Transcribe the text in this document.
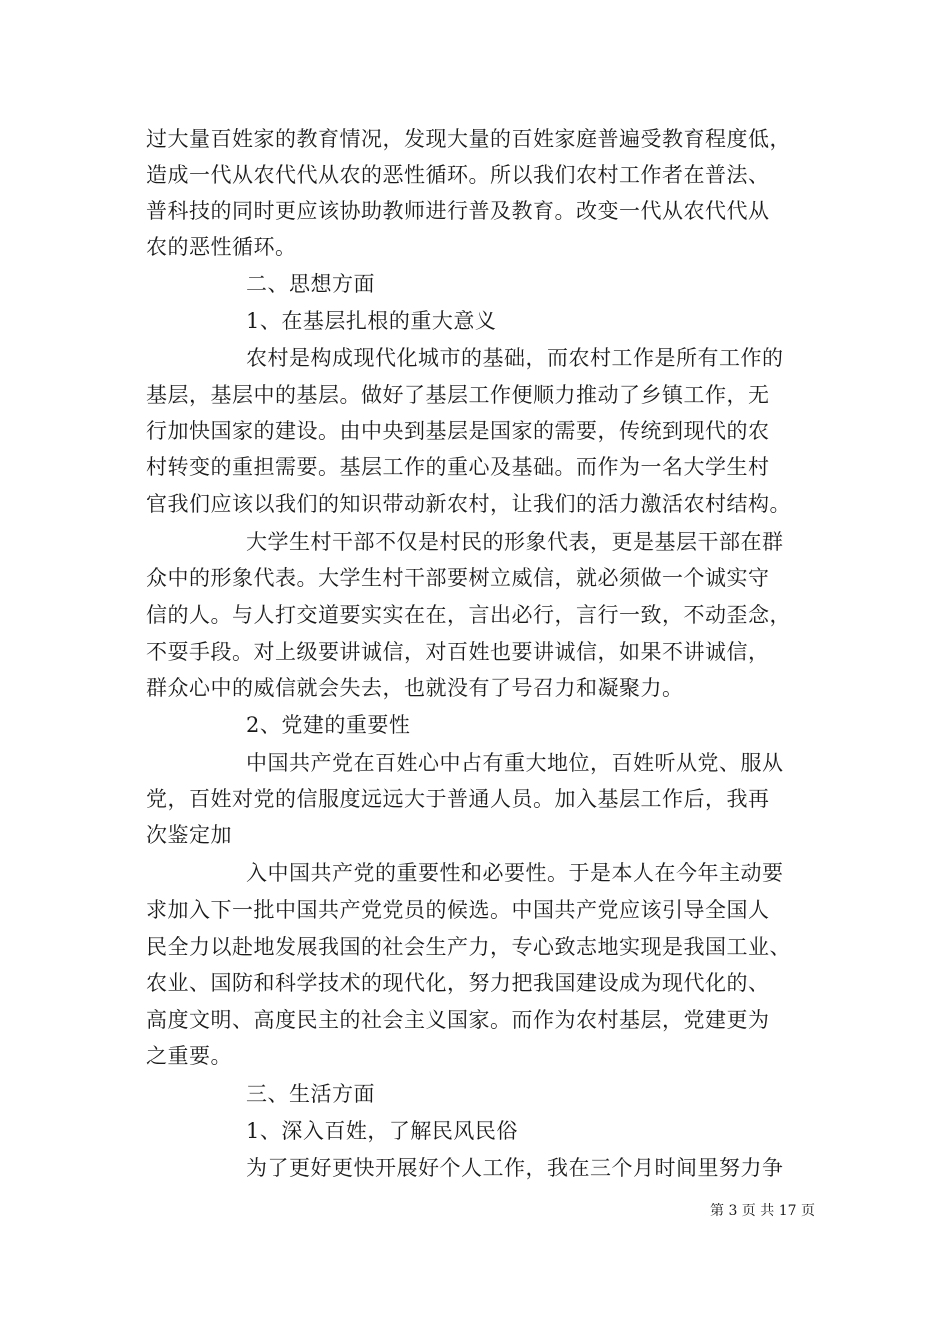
过大量百姓家的教育情况，发现大量的百姓家庭普遍受教育程度低，
造成一代从农代代从农的恶性循环。所以我们农村工作者在普法、
普科技的同时更应该协助教师进行普及教育。改变一代从农代代从
农的恶性循环。
二、思想方面
1、在基层扎根的重大意义
农村是构成现代化城市的基础，而农村工作是所有工作的
基层，基层中的基层。做好了基层工作便顺力推动了乡镇工作，无
行加快国家的建设。由中央到基层是国家的需要，传统到现代的农
村转变的重担需要。基层工作的重心及基础。而作为一名大学生村
官我们应该以我们的知识带动新农村，让我们的活力激活农村结构。
大学生村干部不仅是村民的形象代表，更是基层干部在群
众中的形象代表。大学生村干部要树立威信，就必须做一个诚实守
信的人。与人打交道要实实在在，言出必行，言行一致，不动歪念，
不耍手段。对上级要讲诚信，对百姓也要讲诚信，如果不讲诚信，
群众心中的威信就会失去，也就没有了号召力和凝聚力。
2、党建的重要性
中国共产党在百姓心中占有重大地位，百姓听从党、服从
党，百姓对党的信服度远远大于普通人员。加入基层工作后，我再
次鉴定加
入中国共产党的重要性和必要性。于是本人在今年主动要
求加入下一批中国共产党党员的候选。中国共产党应该引导全国人
民全力以赴地发展我国的社会生产力，专心致志地实现是我国工业、
农业、国防和科学技术的现代化，努力把我国建设成为现代化的、
高度文明、高度民主的社会主义国家。而作为农村基层，党建更为
之重要。
三、生活方面
1、深入百姓，了解民风民俗
为了更好更快开展好个人工作，我在三个月时间里努力争
第 3 页 共 17 页
